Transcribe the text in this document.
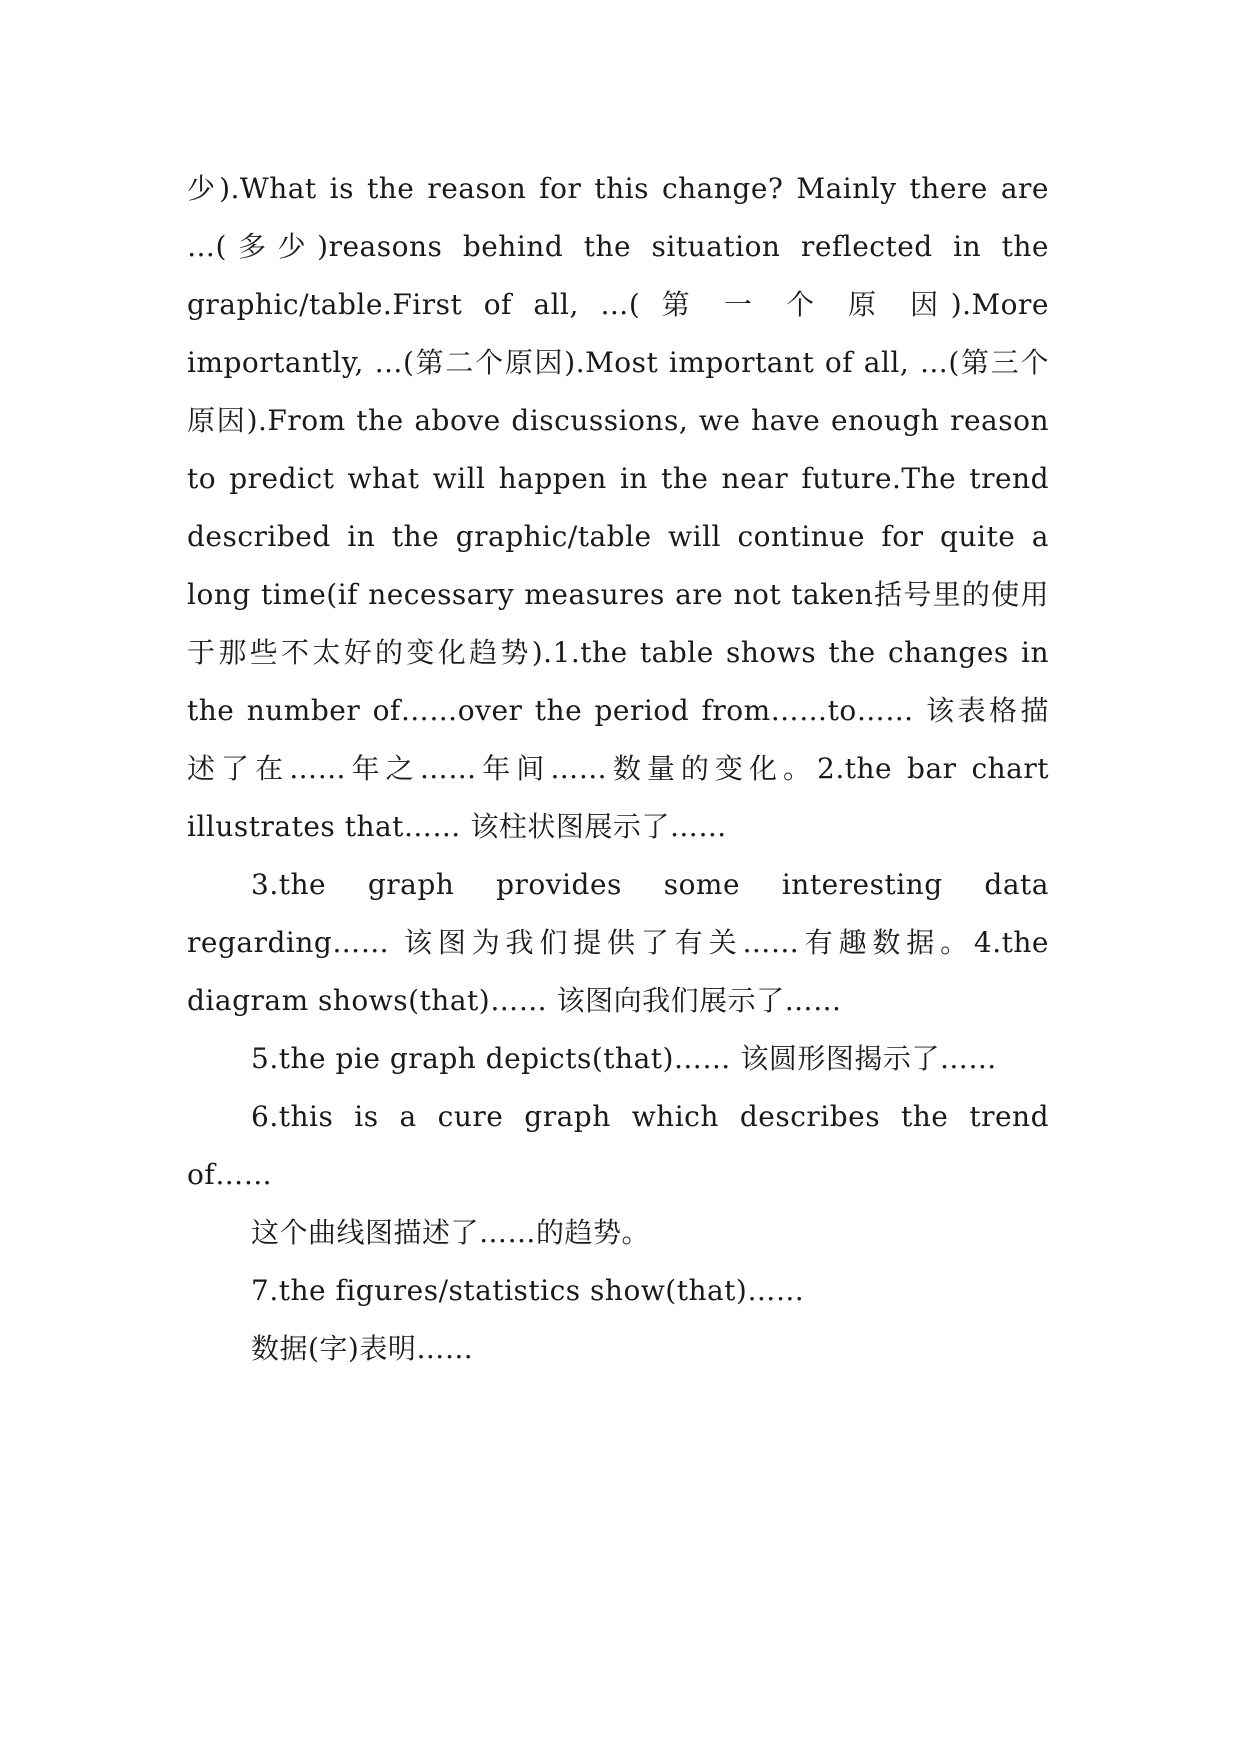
少).What is the reason for this change? Mainly there are …(多少)reasons behind the situation reflected in the graphic/table.First of all, …( 第 一 个 原 因).More importantly, …(第二个原因).Most important of all, …(第三个原因).From the above discussions, we have enough reason to predict what will happen in the near future.The trend described in the graphic/table will continue for quite a long time(if necessary measures are not taken括号里的使用于那些不太好的变化趋势).1.the table shows the changes in the number of……over the period from……to…… 该表格描述了在……年之……年间……数量的变化。2.the bar chart illustrates that…… 该柱状图展示了……

3.the graph provides some interesting data regarding…… 该图为我们提供了有关……有趣数据。4.the diagram shows(that)…… 该图向我们展示了……

5.the pie graph depicts(that)…… 该圆形图揭示了……

6.this is a cure graph which describes the trend of……

这个曲线图描述了……的趋势。

7.the figures/statistics show(that)……

数据(字)表明……
